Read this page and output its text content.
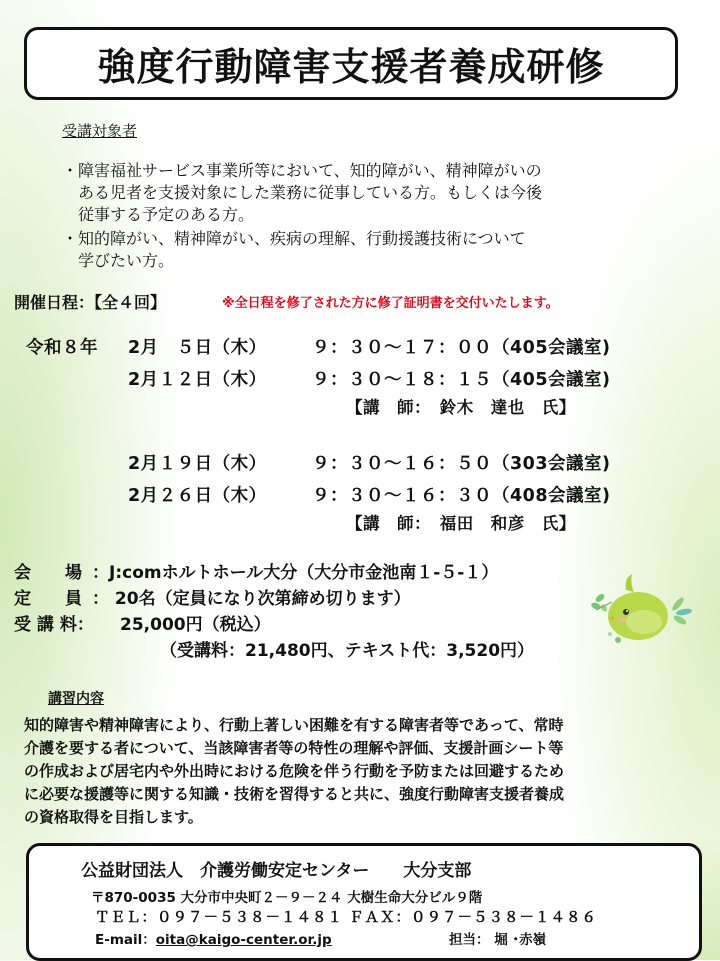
強度行動障害支援者養成研修
受講対象者
・ 障害福祉サービス事業所等において、知的障がい、精神障がいの
ある児者を支援対象にした業務に従事している方。もしくは今後
従事する予定のある方。
・ 知的障がい、精神障がい、疾病の理解、行動援護技術について
学びたい方。
開催日程：【全４回】	※全日程を修了された方に修了証明書を交付いたします。
令和８年 2月　５日（木）	９：３０～１７：００（405会議室)
2月１２日（木）	９：３０～１８：１５（405会議室)
【講　師：　鈴木　達也　氏】
2月１９日（木）	９：３０～１６：５０（303会議室)
2月２６日（木）	９：３０～１６：３０（408会議室)
【講　師：　福田　和彦　氏】
会　　場 ：J:comホルトホール大分（大分市金池南１-５-１）
定　　員 ： 20名（定員になり次第締め切ります）
受 講 料： 25,000円（税込）
（受講料：21,480円、テキスト代：3,520円）
講習内容
知的障害や精神障害により、行動上著しい困難を有する障害者等であって、常時
介護を要する者について、当該障害者等の特性の理解や評価、支援計画シート等
の作成および居宅内や外出時における危険を伴う行動を予防または回避するため
に必要な援護等に関する知識・技術を習得すると共に、強度行動障害支援者養成
の資格取得を目指します。
公益財団法人　介護労働安定センター　　大分支部
〒870-0035 大分市中央町２－９－２４ 大樹生命大分ビル９階
ＴＥＬ：０９７－５３８－１４８１ ＦＡＸ：０９７－５３８－１４８６
E-mail：oita@kaigo-center.or.jp	担当： 堀 ･赤嶺
